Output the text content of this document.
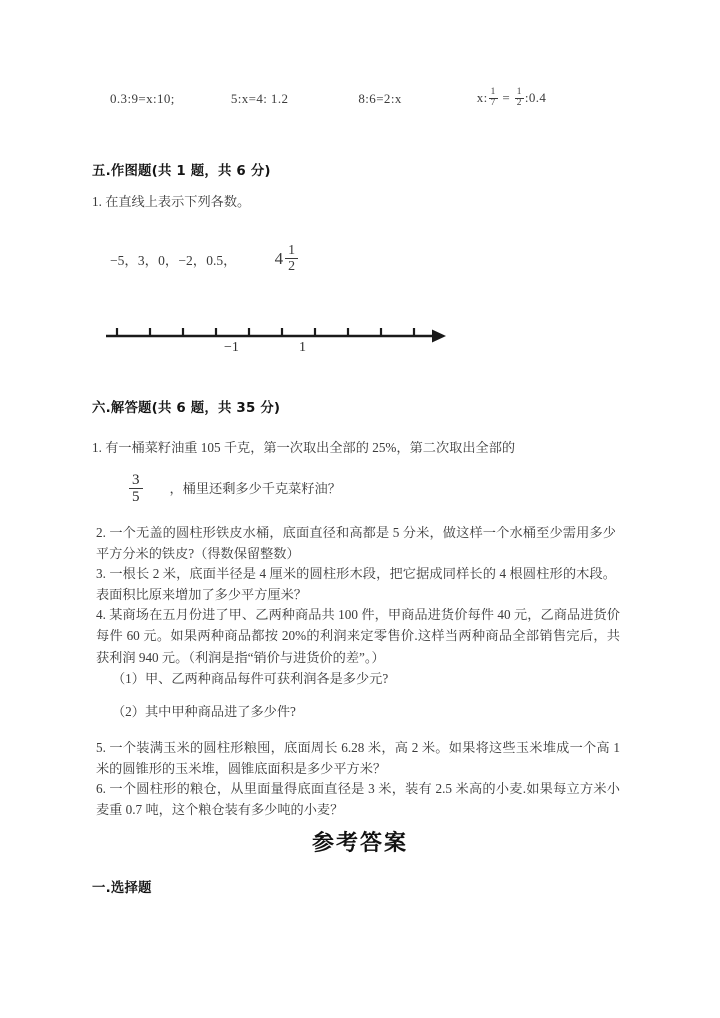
0.3:9=x:10;	5:x=4: 1.2	8:6=2:x	x: $\frac{1}{7} = \frac{1}{2}$ :0.4
五.作图题(共 1 题，共 6 分)
1. 在直线上表示下列各数。
−5，3，0，−2，0.5， $4 \frac{1}{2}$
−1	1
六.解答题(共 6 题，共 35 分)
1. 有一桶菜籽油重 105 千克，第一次取出全部的 25%，第二次取出全部的
$\frac{3}{5}$ ，桶里还剩多少千克菜籽油？
2. 一个无盖的圆柱形铁皮水桶，底面直径和高都是 5 分米，做这样一个水桶至少需用多少平方分米的铁皮?（得数保留整数）
3. 一根长 2 米，底面半径是 4 厘米的圆柱形木段，把它据成同样长的 4 根圆柱形的木段。表面积比原来增加了多少平方厘米？
4. 某商场在五月份进了甲、乙两种商品共 100 件，甲商品进货价每件 40 元，乙商品进货价每件 60 元。如果两种商品都按 20%的利润来定零售价.这样当两种商品全部销售完后，共获利润 940 元。（利润是指“销价与进货价的差”。）
（1）甲、乙两种商品每件可获利润各是多少元?
（2）其中甲种商品进了多少件?
5. 一个装满玉米的圆柱形粮囤，底面周长 6.28 米，高 2 米。如果将这些玉米堆成一个高 1 米的圆锥形的玉米堆，圆锥底面积是多少平方米？
6. 一个圆柱形的粮仓，从里面量得底面直径是 3 米，装有 2.5 米高的小麦.如果每立方米小麦重 0.7 吨，这个粮仓装有多少吨的小麦？
参考答案
一.选择题
